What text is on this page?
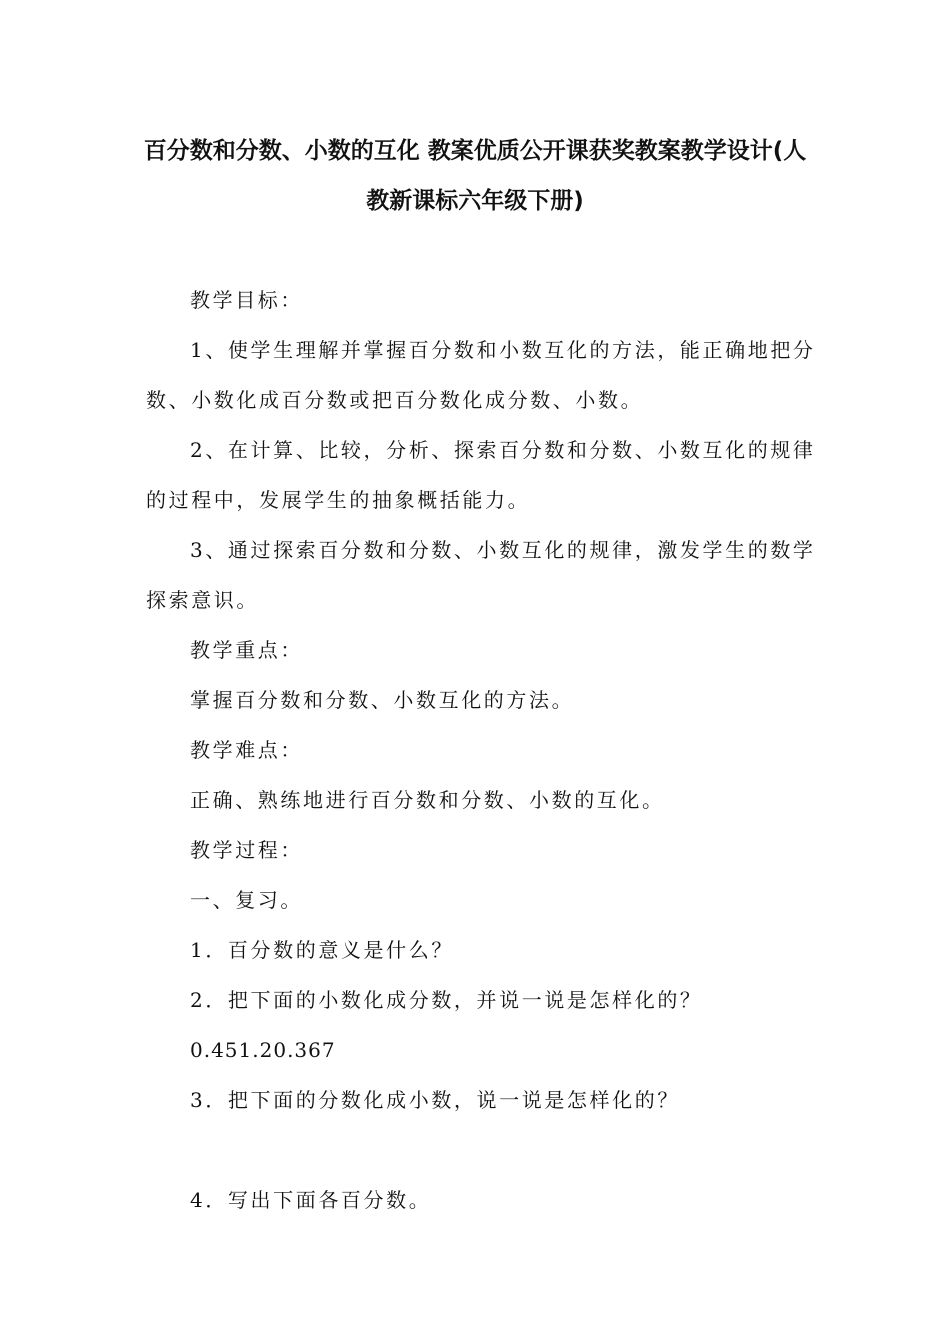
百分数和分数、小数的互化 教案优质公开课获奖教案教学设计(人
教新课标六年级下册)
教学目标：
1、使学生理解并掌握百分数和小数互化的方法，能正确地把分
数、小数化成百分数或把百分数化成分数、小数。
2、在计算、比较，分析、探索百分数和分数、小数互化的规律
的过程中，发展学生的抽象概括能力。
3、通过探索百分数和分数、小数互化的规律，激发学生的数学
探索意识。
教学重点：
掌握百分数和分数、小数互化的方法。
教学难点：
正确、熟练地进行百分数和分数、小数的互化。
教学过程：
一、复习。
1．百分数的意义是什么？
2．把下面的小数化成分数，并说一说是怎样化的？
0.451.20.367
3．把下面的分数化成小数，说一说是怎样化的？
4．写出下面各百分数。
